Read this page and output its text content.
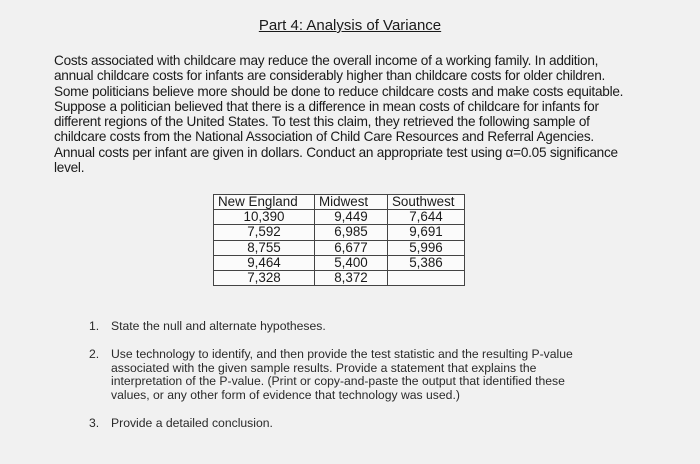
Part 4: Analysis of Variance
Costs associated with childcare may reduce the overall income of a working family. In addition,
annual childcare costs for infants are considerably higher than childcare costs for older children.
Some politicians believe more should be done to reduce childcare costs and make costs equitable.
Suppose a politician believed that there is a difference in mean costs of childcare for infants for
different regions of the United States. To test this claim, they retrieved the following sample of
childcare costs from the National Association of Child Care Resources and Referral Agencies.
Annual costs per infant are given in dollars. Conduct an appropriate test using α=0.05 significance
level.
New England	Midwest	Southwest
10,390	9,449	7,644
7,592	6,985	9,691
8,755	6,677	5,996
9,464	5,400	5,386
7,328	8,372	
1. State the null and alternate hypotheses.
2. Use technology to identify, and then provide the test statistic and the resulting P-value
associated with the given sample results. Provide a statement that explains the
interpretation of the P-value. (Print or copy-and-paste the output that identified these
values, or any other form of evidence that technology was used.)
3. Provide a detailed conclusion.
